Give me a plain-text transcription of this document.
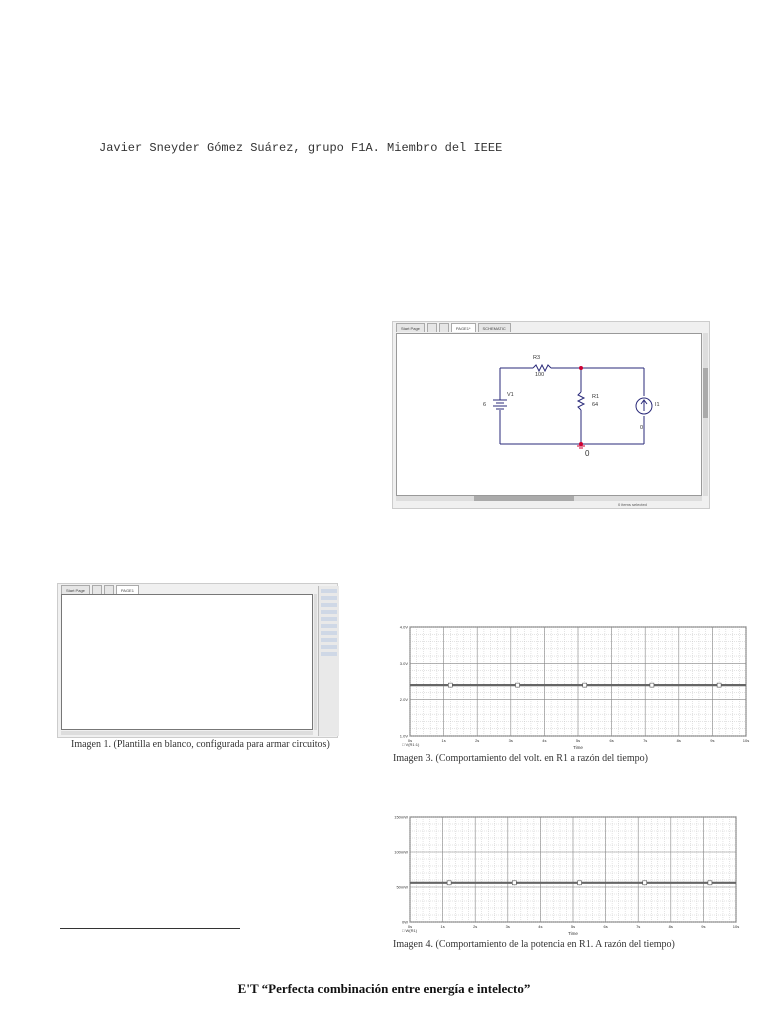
Javier Sneyder Gómez Suárez, grupo F1A. Miembro del IEEE
Start Page	PAGE1*	SCHEMATIC
R3
100
R1
64
V1
6	I1
0
0
0 items selected
Start Page	PAGE1
Imagen 1. (Plantilla en blanco, configurada para armar circuitos)	0s	1s	2s	3s	4s	5s	6s	7s	8s	9s	10s
1.0V
2.0V
3.0V
4.0V
Time
□ V(R1:1)
Imagen 3. (Comportamiento del volt. en R1 a razón del tiempo)
0s	1s	2s	3s	4s	5s	6s	7s	8s	9s	10s
0W
50mW
100mW
150mW
Time
□ W(R1)
Imagen 4. (Comportamiento de la potencia en R1. A razón del tiempo)
E'T “Perfecta combinación entre energía e intelecto”
